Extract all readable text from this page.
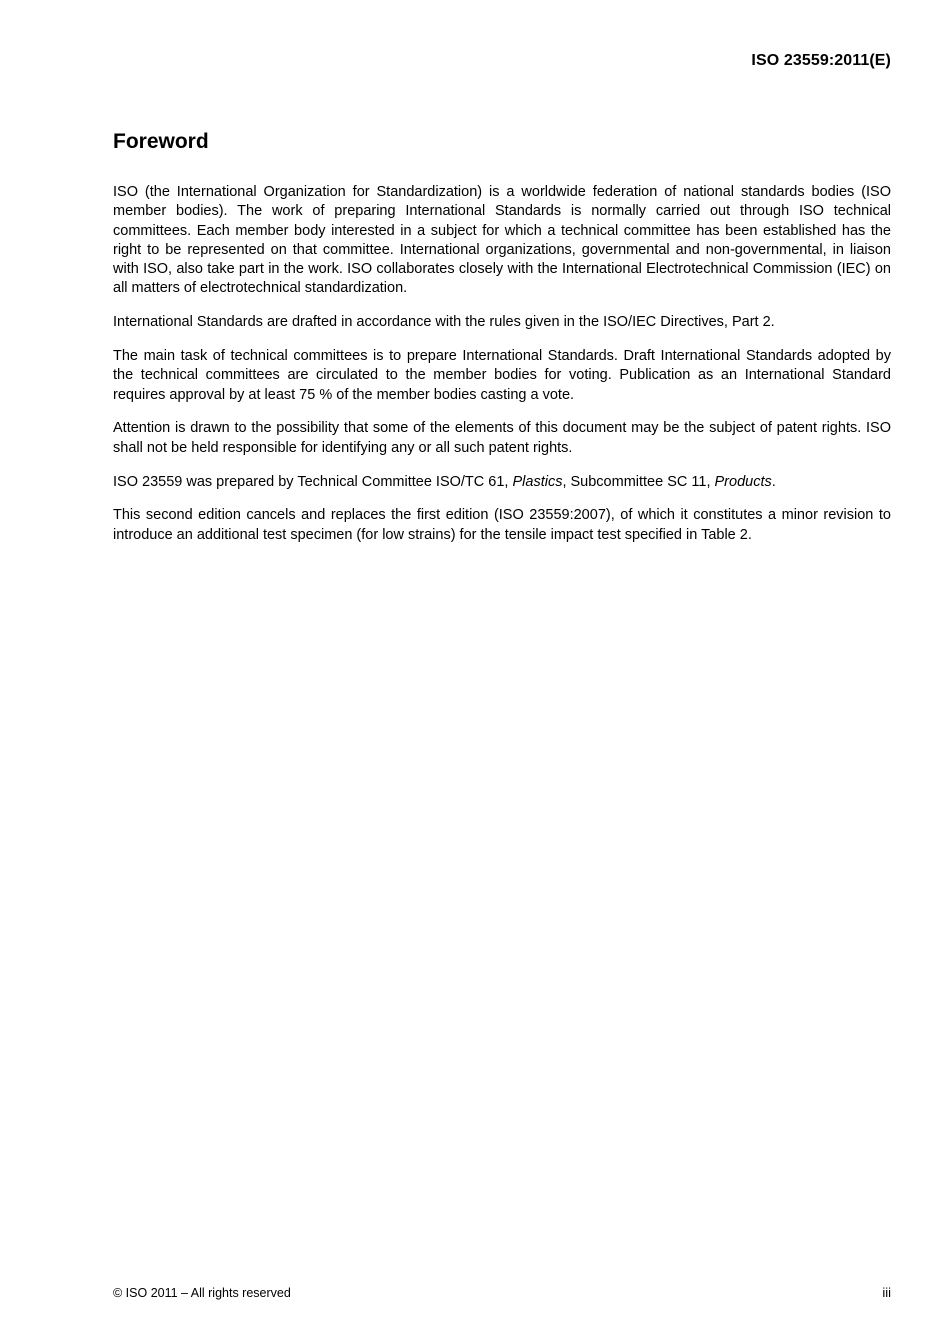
ISO 23559:2011(E)
Foreword

ISO (the International Organization for Standardization) is a worldwide federation of national standards bodies (ISO member bodies). The work of preparing International Standards is normally carried out through ISO technical committees. Each member body interested in a subject for which a technical committee has been established has the right to be represented on that committee. International organizations, governmental and non-governmental, in liaison with ISO, also take part in the work. ISO collaborates closely with the International Electrotechnical Commission (IEC) on all matters of electrotechnical standardization.

International Standards are drafted in accordance with the rules given in the ISO/IEC Directives, Part 2.

The main task of technical committees is to prepare International Standards. Draft International Standards adopted by the technical committees are circulated to the member bodies for voting. Publication as an International Standard requires approval by at least 75 % of the member bodies casting a vote.

Attention is drawn to the possibility that some of the elements of this document may be the subject of patent rights. ISO shall not be held responsible for identifying any or all such patent rights.

ISO 23559 was prepared by Technical Committee ISO/TC 61, Plastics, Subcommittee SC 11, Products.

This second edition cancels and replaces the first edition (ISO 23559:2007), of which it constitutes a minor revision to introduce an additional test specimen (for low strains) for the tensile impact test specified in Table 2.

© ISO 2011 – All rights reserved	iii
